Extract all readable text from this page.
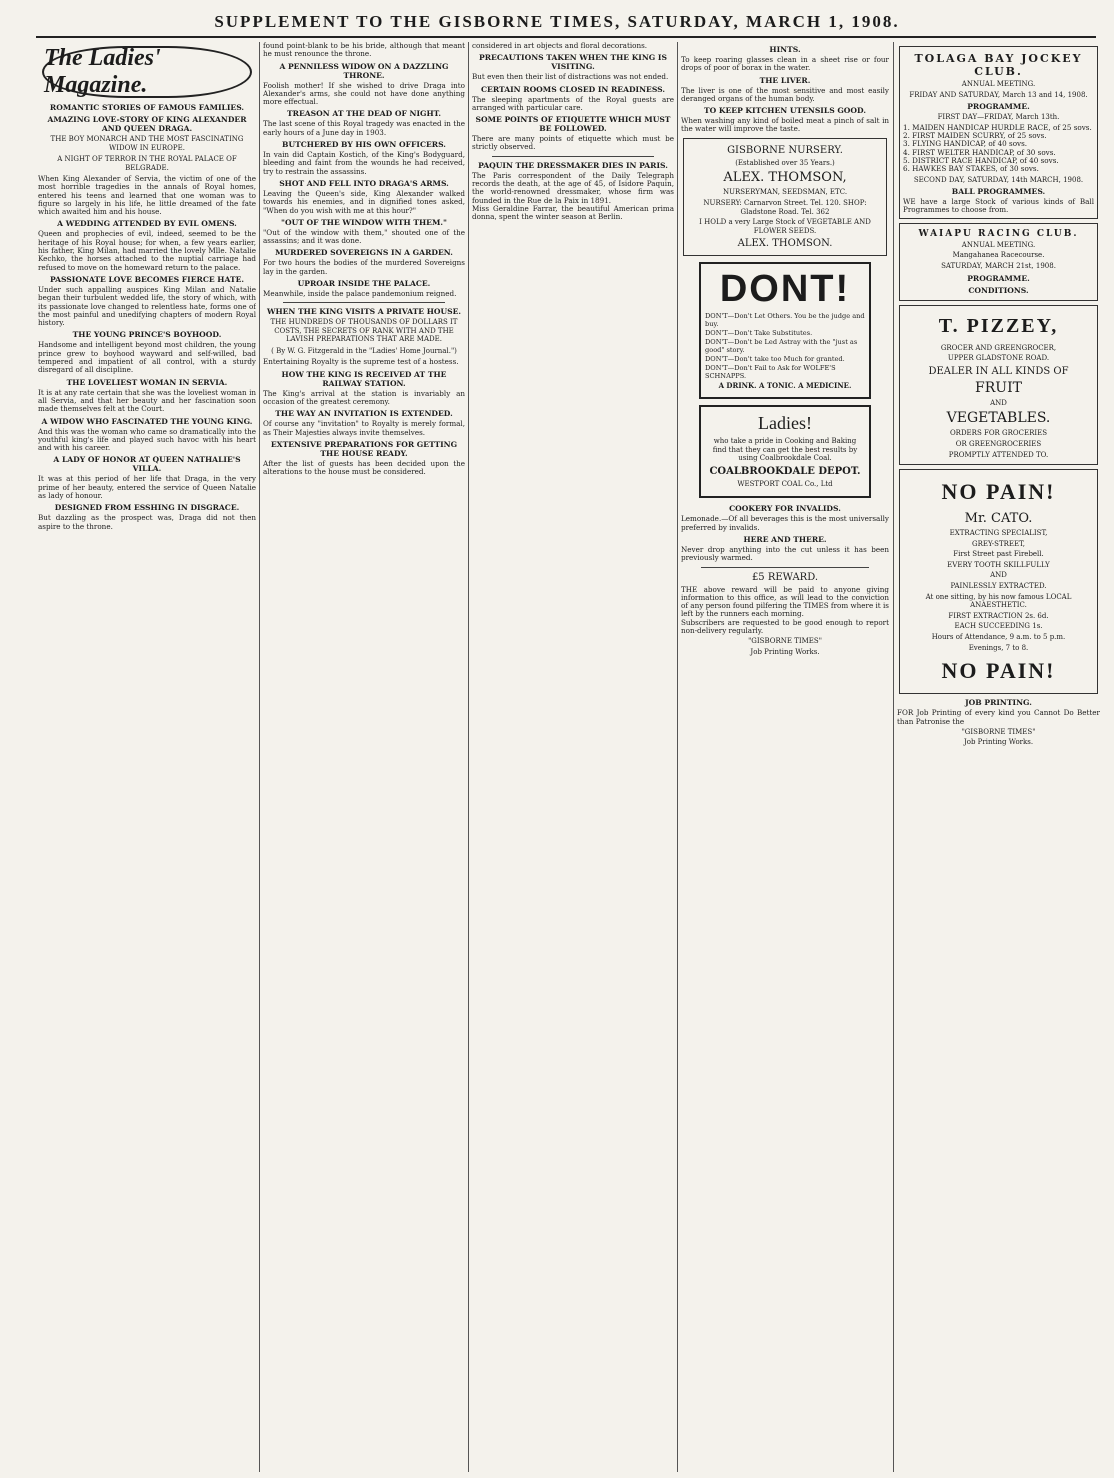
SUPPLEMENT TO THE GISBORNE TIMES, SATURDAY, MARCH 1, 1908.
The Ladies' Magazine.
ROMANTIC STORIES OF FAMOUS FAMILIES.
AMAZING LOVE-STORY OF KING ALEXANDER AND QUEEN DRAGA.
THE BOY MONARCH AND THE MOST FASCINATING WIDOW IN EUROPE.
A NIGHT OF TERROR IN THE ROYAL PALACE OF BELGRADE.

When King Alexander of Servia, the victim of one of the most horrible tragedies in the annals of Royal homes, entered his teens and learned that one woman was to figure so largely in his life, he little dreamed of the fate which awaited him and his house.

A WEDDING ATTENDED BY EVIL OMENS.

Queen and prophecies of evil, indeed, seemed to be the heritage of his Royal house; for when, a few years earlier, his father, King Milan, had married the lovely Mlle. Natalie Kechko, the horses attached to the nuptial carriage had refused to move on the homeward return to the palace.

PASSIONATE LOVE BECOMES FIERCE HATE.

Under such appalling auspices King Milan and Natalie began their turbulent wedded life, the story of which, with its passionate love changed to relentless hate, forms one of the most painful and unedifying chapters of modern Royal history.

THE YOUNG PRINCE'S BOYHOOD.

Handsome and intelligent beyond most children, the young prince grew to boyhood wayward and self-willed, bad tempered and impatient of all control, with a sturdy disregard of all discipline.

THE LOVELIEST WOMAN IN SERVIA.

It is at any rate certain that she was the loveliest woman in all Servia, and that her beauty and her fascination soon made themselves felt at the Court.

A WIDOW WHO FASCINATED THE YOUNG KING.

And this was the woman who came so dramatically into the youthful king's life and played such havoc with his heart and with his career.

A LADY OF HONOR AT QUEEN NATHALIE'S VILLA.

It was at this period of her life that Draga, in the very prime of her beauty, entered the service of Queen Natalie as lady of honour.

DESIGNED FROM ESSHING IN DISGRACE.

But dazzling as the prospect was, Draga did not then aspire to the throne.

found point-blank to be his bride, although that meant he must renounce the throne.

A PENNILESS WIDOW ON A DAZZLING THRONE.

Foolish mother! If she wished to drive Draga into Alexander's arms, she could not have done anything more effectual.

TREASON AT THE DEAD OF NIGHT.

The last scene of this Royal tragedy was enacted in the early hours of a June day in 1903.

BUTCHERED BY HIS OWN OFFICERS.

In vain did Captain Kostich, of the King's Bodyguard, bleeding and faint from the wounds he had received, try to restrain the assassins.

SHOT AND FELL INTO DRAGA'S ARMS.

Leaving the Queen's side, King Alexander walked towards his enemies, and in dignified tones asked, "When do you wish with me at this hour?"

"OUT OF THE WINDOW WITH THEM."

"Out of the window with them," shouted one of the assassins; and it was done.

MURDERED SOVEREIGNS IN A GARDEN.

For two hours the bodies of the murdered Sovereigns lay in the garden.

UPROAR INSIDE THE PALACE.

Meanwhile, inside the palace pandemonium reigned.

WHEN THE KING VISITS A PRIVATE HOUSE.
THE HUNDREDS OF THOUSANDS OF DOLLARS IT COSTS, THE SECRETS OF RANK WITH AND THE LAVISH PREPARATIONS THAT ARE MADE.
( By W. G. Fitzgerald in the "Ladies' Home Journal.")

Entertaining Royalty is the supreme test of a hostess.

HOW THE KING IS RECEIVED AT THE RAILWAY STATION.

The King's arrival at the station is invariably an occasion of the greatest ceremony.

THE WAY AN INVITATION IS EXTENDED.

Of course any "invitation" to Royalty is merely formal, as Their Majesties always invite themselves.

EXTENSIVE PREPARATIONS FOR GETTING THE HOUSE READY.

After the list of guests has been decided upon the alterations to the house must be considered.

considered in art objects and floral decorations.

PRECAUTIONS TAKEN WHEN THE KING IS VISITING.

But even then their list of distractions was not ended.

CERTAIN ROOMS CLOSED IN READINESS.

The sleeping apartments of the Royal guests are arranged with particular care.

SOME POINTS OF ETIQUETTE WHICH MUST BE FOLLOWED.

There are many points of etiquette which must be strictly observed.

PAQUIN THE DRESSMAKER DIES IN PARIS.

The Paris correspondent of the Daily Telegraph records the death, at the age of 45, of Isidore Paquin, the world-renowned dressmaker, whose firm was founded in the Rue de la Paix in 1891.

Miss Geraldine Farrar, the beautiful American prima donna, spent the winter season at Berlin.

HINTS.

To keep roaring glasses clean in a sheet rise or four drops of poor of borax in the water.

THE LIVER.

The liver is one of the most sensitive and most easily deranged organs of the human body.

TO KEEP KITCHEN UTENSILS GOOD.

When washing any kind of boiled meat a pinch of salt in the water will improve the taste.

GISBORNE NURSERY.
(Established over 35 Years.)
ALEX. THOMSON,
NURSERYMAN, SEEDSMAN, ETC.
NURSERY: Carnarvon Street. Tel. 120. SHOP: Gladstone Road. Tel. 362
I HOLD a very Large Stock of VEGETABLE AND FLOWER SEEDS.
ALEX. THOMSON.
DONT!
DON'T—Don't Let Others. You be the judge and buy.
DON'T—Don't Take Substitutes.
DON'T—Don't be Led Astray with the "just as good" story.
DON'T—Don't take too Much for granted.
DON'T—Don't Fail to Ask for WOLFE'S SCHNAPPS.
A DRINK. A TONIC. A MEDICINE.
Ladies!
who take a pride in Cooking and Baking find that they can get the best results by using Coalbrookdale Coal.
COALBROOKDALE DEPOT.
WESTPORT COAL Co., Ltd
COOKERY FOR INVALIDS.

Lemonade.—Of all beverages this is the most universally preferred by invalids.

HERE AND THERE.

Never drop anything into the cut unless it has been previously warmed.

£5 REWARD.

THE above reward will be paid to anyone giving information to this office, as will lead to the conviction of any person found pilfering the TIMES from where it is left by the runners each morning.

Subscribers are requested to be good enough to report non-delivery regularly.

"GISBORNE TIMES"
Job Printing Works.
TOLAGA BAY JOCKEY CLUB.
ANNUAL MEETING.
FRIDAY AND SATURDAY, March 13 and 14, 1908.
PROGRAMME.
FIRST DAY—FRIDAY, March 13th.

1. MAIDEN HANDICAP HURDLE RACE, of 25 sovs.

2. FIRST MAIDEN SCURRY, of 25 sovs.

3. FLYING HANDICAP, of 40 sovs.

4. FIRST WELTER HANDICAP, of 30 sovs.

5. DISTRICT RACE HANDICAP, of 40 sovs.

6. HAWKES BAY STAKES, of 30 sovs.

SECOND DAY, SATURDAY, 14th MARCH, 1908.
BALL PROGRAMMES.

WE have a large Stock of various kinds of Ball Programmes to choose from.

WAIAPU RACING CLUB.
ANNUAL MEETING.
Mangahanea Racecourse.
SATURDAY, MARCH 21st, 1908.
PROGRAMME.
CONDITIONS.
T. PIZZEY,
GROCER AND GREENGROCER,
UPPER GLADSTONE ROAD.
DEALER IN ALL KINDS OF
FRUIT
AND
VEGETABLES.
ORDERS FOR GROCERIES
OR GREENGROCERIES
PROMPTLY ATTENDED TO.
NO PAIN!
Mr. CATO.
EXTRACTING SPECIALIST,
GREY-STREET,
First Street past Firebell.
EVERY TOOTH SKILLFULLY
AND
PAINLESSLY EXTRACTED.
At one sitting, by his now famous LOCAL ANAESTHETIC.
FIRST EXTRACTION 2s. 6d.
EACH SUCCEEDING 1s.
Hours of Attendance, 9 a.m. to 5 p.m.
Evenings, 7 to 8.
NO PAIN!
JOB PRINTING.

FOR Job Printing of every kind you Cannot Do Better than Patronise the

"GISBORNE TIMES"
Job Printing Works.
